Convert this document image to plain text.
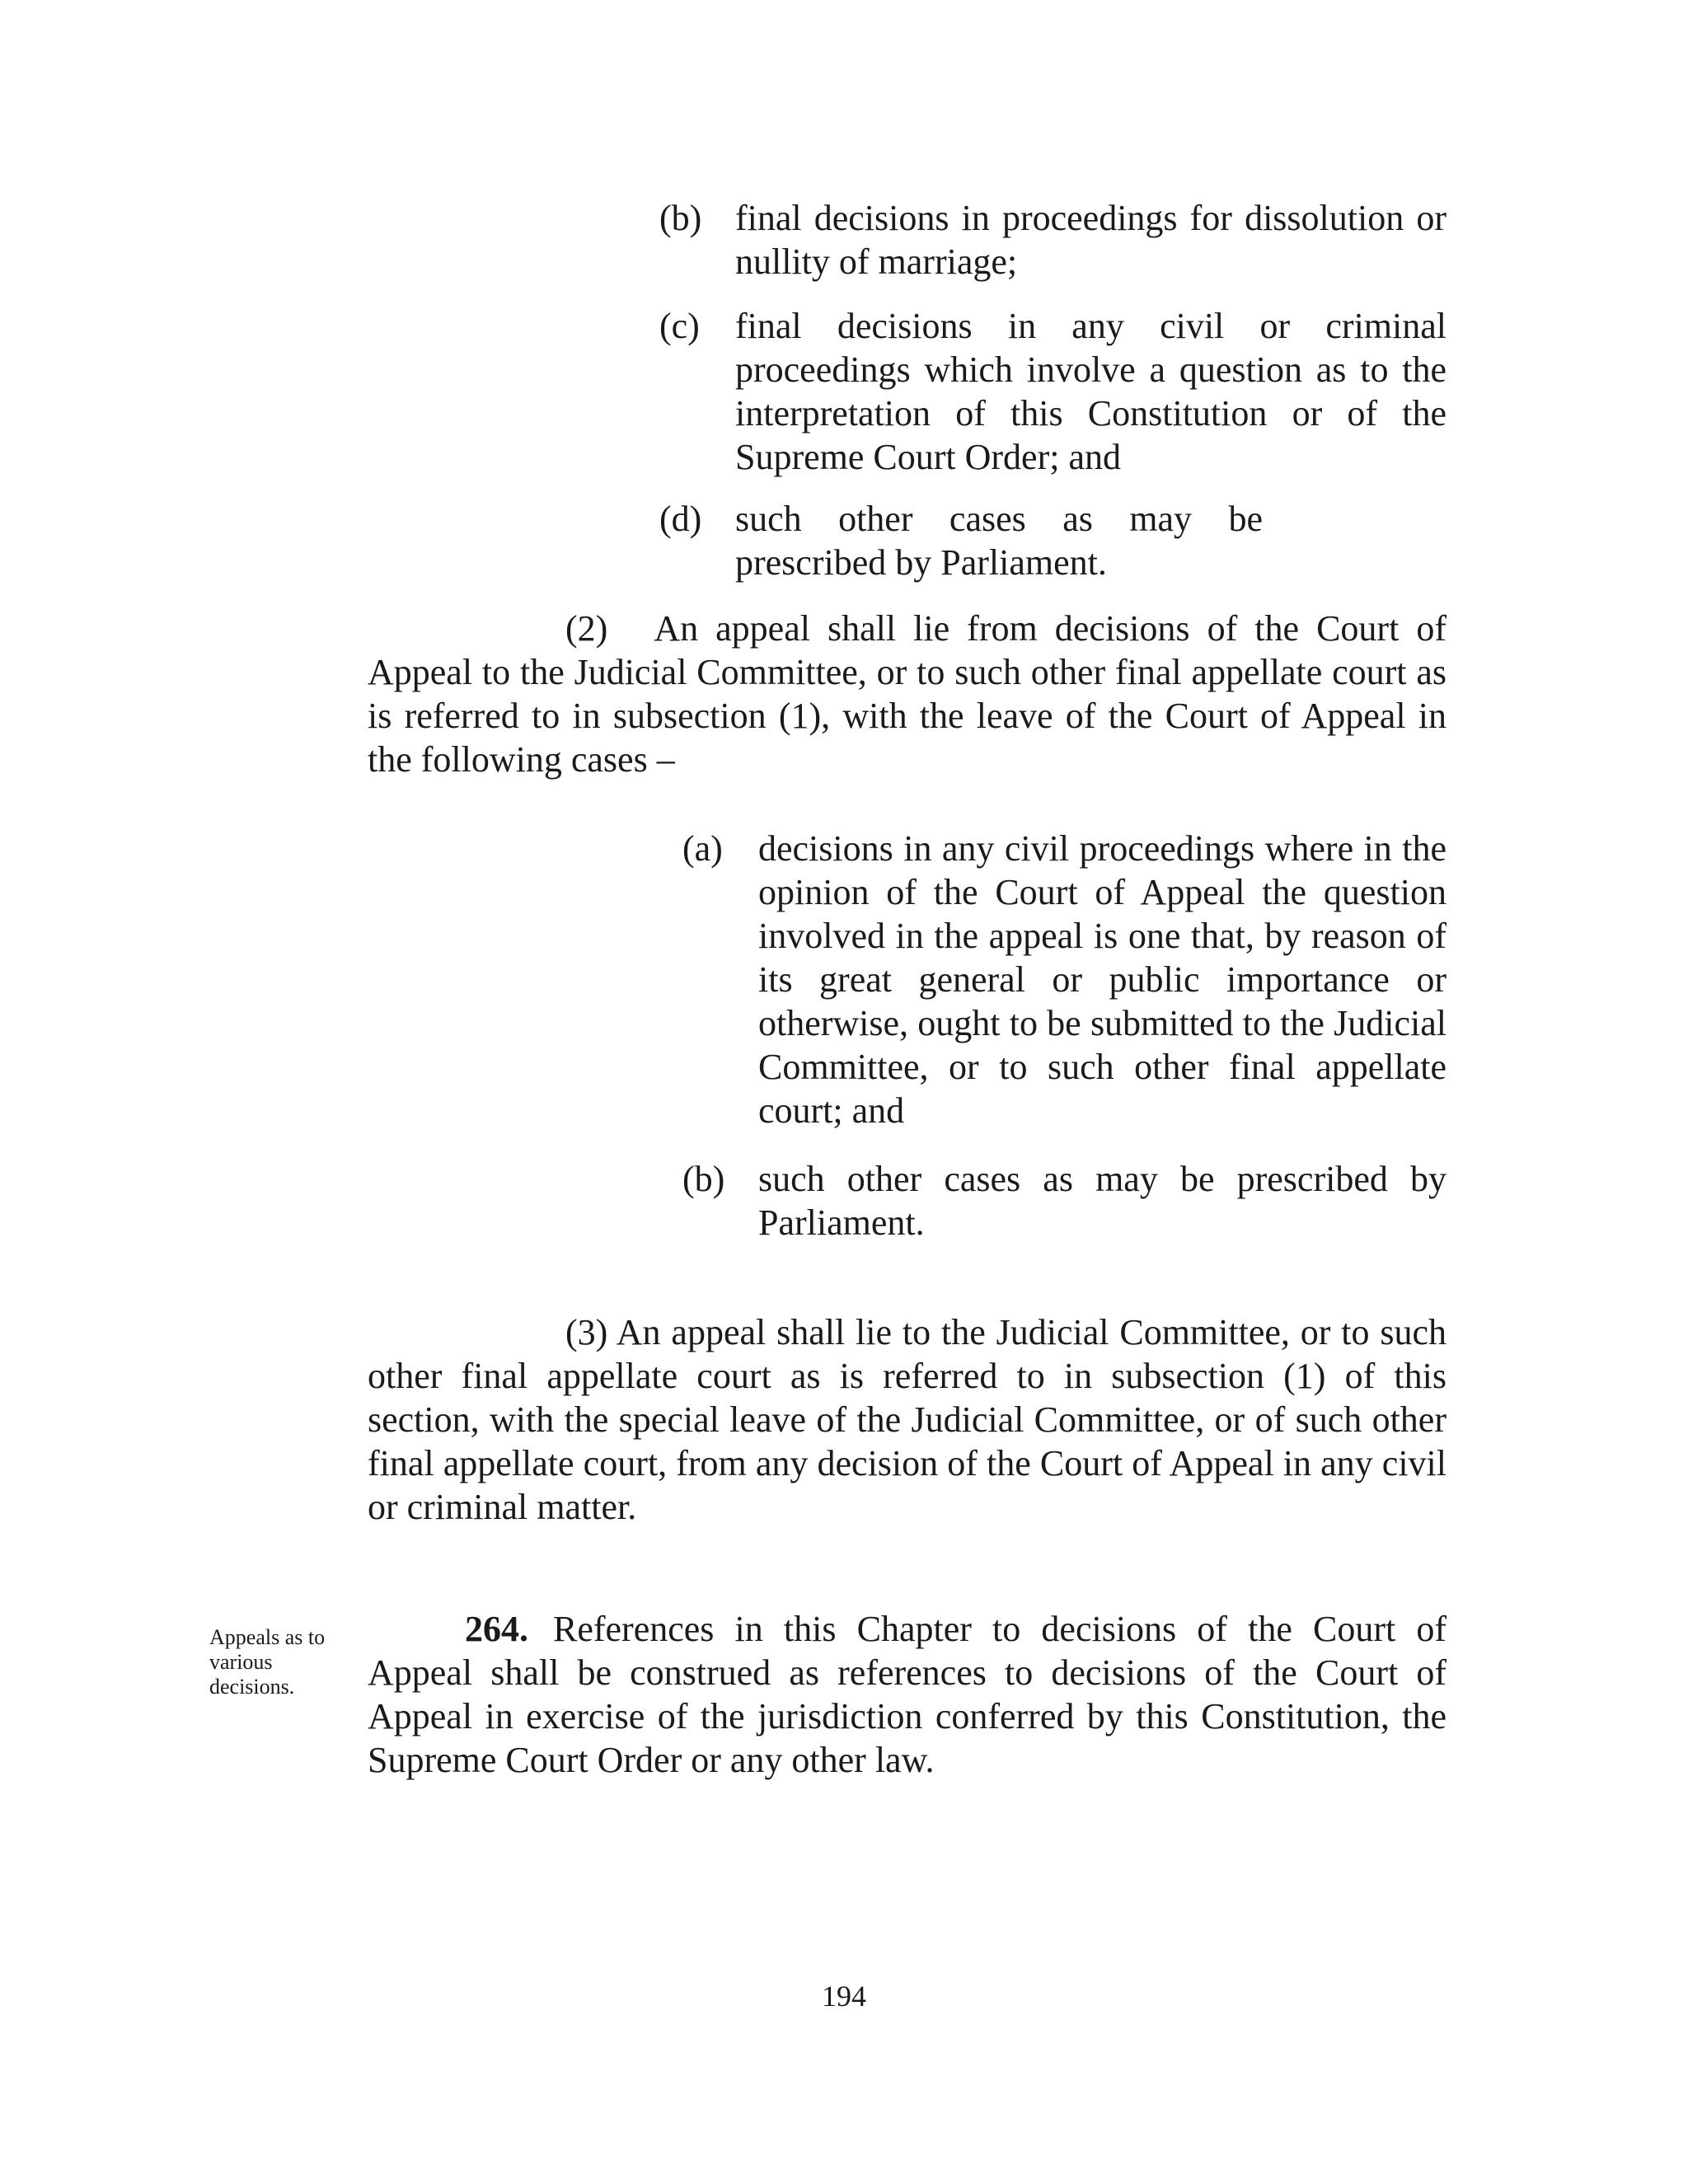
(b) final decisions in proceedings for dissolution or nullity of marriage;
(c) final decisions in any civil or criminal proceedings which involve a question as to the interpretation of this Constitution or of the Supreme Court Order; and
(d) such other cases as may be prescribed by Parliament.
(2) An appeal shall lie from decisions of the Court of Appeal to the Judicial Committee, or to such other final appellate court as is referred to in subsection (1), with the leave of the Court of Appeal in the following cases –
(a) decisions in any civil proceedings where in the opinion of the Court of Appeal the question involved in the appeal is one that, by reason of its great general or public importance or otherwise, ought to be submitted to the Judicial Committee, or to such other final appellate court; and
(b) such other cases as may be prescribed by Parliament.
(3) An appeal shall lie to the Judicial Committee, or to such other final appellate court as is referred to in subsection (1) of this section, with the special leave of the Judicial Committee, or of such other final appellate court, from any decision of the Court of Appeal in any civil or criminal matter.
Appeals as to various decisions.
264. References in this Chapter to decisions of the Court of Appeal shall be construed as references to decisions of the Court of Appeal in exercise of the jurisdiction conferred by this Constitution, the Supreme Court Order or any other law.
194
